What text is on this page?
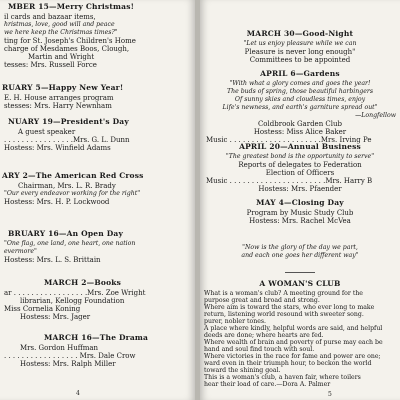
MBER 15—Merry Christmas!
il cards and bazaar items,
hristmas, love, good will and peace
we here keep the Christmas times?"
ting for St. Joseph's Children's Home
charge of Mesdames Boos, Clough,
Martin and Wright
tesses: Mrs. Russell Force
RUARY 5—Happy New Year!
E. H. House arranges program
stesses: Mrs. Harry Newnham
NUARY 19—President's Day
A guest speaker
. . . . . . . . . . . . . . . .Mrs. G. L. Dunn
Hostess: Mrs. Winfield Adams
ARY 2—The American Red Cross
Chairman, Mrs. L. R. Brady
"Our every endeavor working for the right"
Hostess: Mrs. H. P. Lockwood
BRUARY 16—An Open Day
"One flag, one land, one heart, one nation
evermore"
Hostess: Mrs. L. S. Brittain
MARCH 2—Books
ar . . . . . . . . . . . . . . . . .Mrs. Zoe Wright
librarian, Kellogg Foundation
Miss Cornelia Koning
Hostess: Mrs. Jager
MARCH 16—The Drama
Mrs. Gordon Huffman
. . . . . . . . . . . . . . . . . Mrs. Dale Crow
Hostess: Mrs. Ralph Miller
4
MARCH 30—Good-Night
"Let us enjoy pleasure while we can
Pleasure is never long enough"
Committees to be appointed
APRIL 6—Gardens
"With what a glory comes and goes the year!
The buds of spring, those beautiful harbingers
Of sunny skies and cloudless times, enjoy
Life's newness, and earth's garniture spread out"
—Longfellow
Coldbrook Garden Club
Hostess: Miss Alice Baker
Music . . . . . . . . . . . . . . . . . . . . .Mrs. Irving Pe
APRIL 20—Annual Business
"The greatest bond is the opportunity to serve"
Reports of delegates to Federation
Election of Officers
Music . . . . . . . . . . . . . . . . . . . . . .Mrs. Harry B
Hostess: Mrs. Pfaender
MAY 4—Closing Day
Program by Music Study Club
Hostess: Mrs. Rachel McVea
"Now is the glory of the day we part,
and each one goes her different way"
A WOMAN'S CLUB
What is a woman's club? A meeting ground for the
purpose great and broad and strong.
Where aim is toward the stars, who ever long to make
return, listening world resound with sweeter song.
purer, nobler tones.
A place where kindly, helpful words are said, and helpful
deeds are done; where hearts are fed.
Where wealth of brain and poverty of purse may each be
hand and soul find touch with soul.
Where victories in the race for fame and power are one;
ward even in their triumph hour, to beckon the world
toward the shining goal.
This is a woman's club, a haven fair, where toilers
hear their load of care.—Dora A. Palmer
5
